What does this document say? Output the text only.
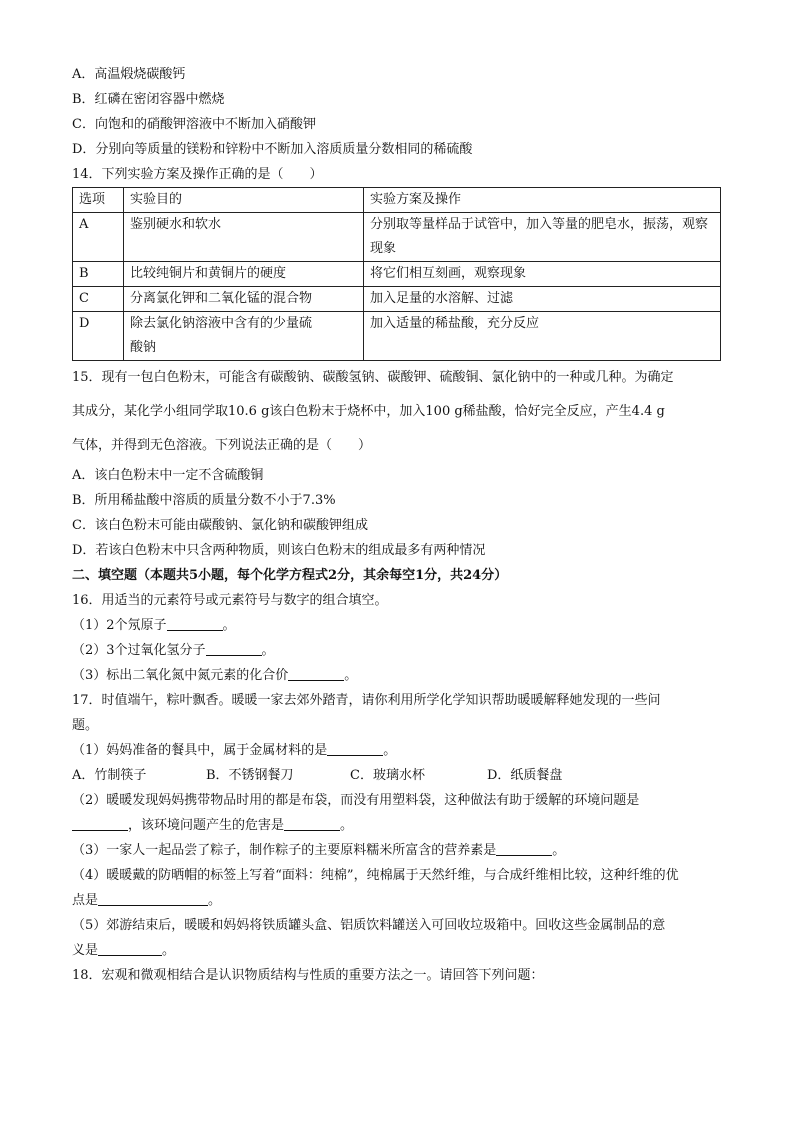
A．高温煅烧碳酸钙
B．红磷在密闭容器中燃烧
C．向饱和的硝酸钾溶液中不断加入硝酸钾
D．分别向等质量的镁粉和锌粉中不断加入溶质质量分数相同的稀硫酸
14．下列实验方案及操作正确的是（　　）
选项	实验目的	实验方案及操作
A	鉴别硬水和软水	分别取等量样品于试管中，加入等量的肥皂水，振荡，观察
现象

B	比较纯铜片和黄铜片的硬度	将它们相互刻画，观察现象

C	分离氯化钾和二氧化锰的混合物	加入足量的水溶解、过滤

D	除去氯化钠溶液中含有的少量硫
酸钠	加入适量的稀盐酸，充分反应
15．现有一包白色粉末，可能含有碳酸钠、碳酸氢钠、碳酸钾、硫酸铜、氯化钠中的一种或几种。为确定
其成分，某化学小组同学取10.6 g该白色粉末于烧杯中，加入100 g稀盐酸，恰好完全反应，产生4.4 g
气体，并得到无色溶液。下列说法正确的是（　　）
A．该白色粉末中一定不含硫酸铜
B．所用稀盐酸中溶质的质量分数不小于7.3%
C．该白色粉末可能由碳酸钠、氯化钠和碳酸钾组成
D．若该白色粉末中只含两种物质，则该白色粉末的组成最多有两种情况
二、填空题（本题共5小题，每个化学方程式2分，其余每空1分，共24分）
16．用适当的元素符号或元素符号与数字的组合填空。
（1）2个氖原子	。
（2）3个过氧化氢分子	。
（3）标出二氧化氮中氮元素的化合价	。
17．时值端午，粽叶飘香。暖暖一家去郊外踏青，请你利用所学化学知识帮助暖暖解释她发现的一些问
题。
（1）妈妈准备的餐具中，属于金属材料的是	。
A．竹制筷子	B．不锈钢餐刀	C．玻璃水杯	D．纸质餐盘
（2）暖暖发现妈妈携带物品时用的都是布袋，而没有用塑料袋，这种做法有助于缓解的环境问题是
，该环境问题产生的危害是	。
（3）一家人一起品尝了粽子，制作粽子的主要原料糯米所富含的营养素是	。
（4）暖暖戴的防晒帽的标签上写着“面料：纯棉”，纯棉属于天然纤维，与合成纤维相比较，这种纤维的优
点是	。
（5）郊游结束后，暖暖和妈妈将铁质罐头盒、铝质饮料罐送入可回收垃圾箱中。回收这些金属制品的意
义是	。
18．宏观和微观相结合是认识物质结构与性质的重要方法之一。请回答下列问题：
